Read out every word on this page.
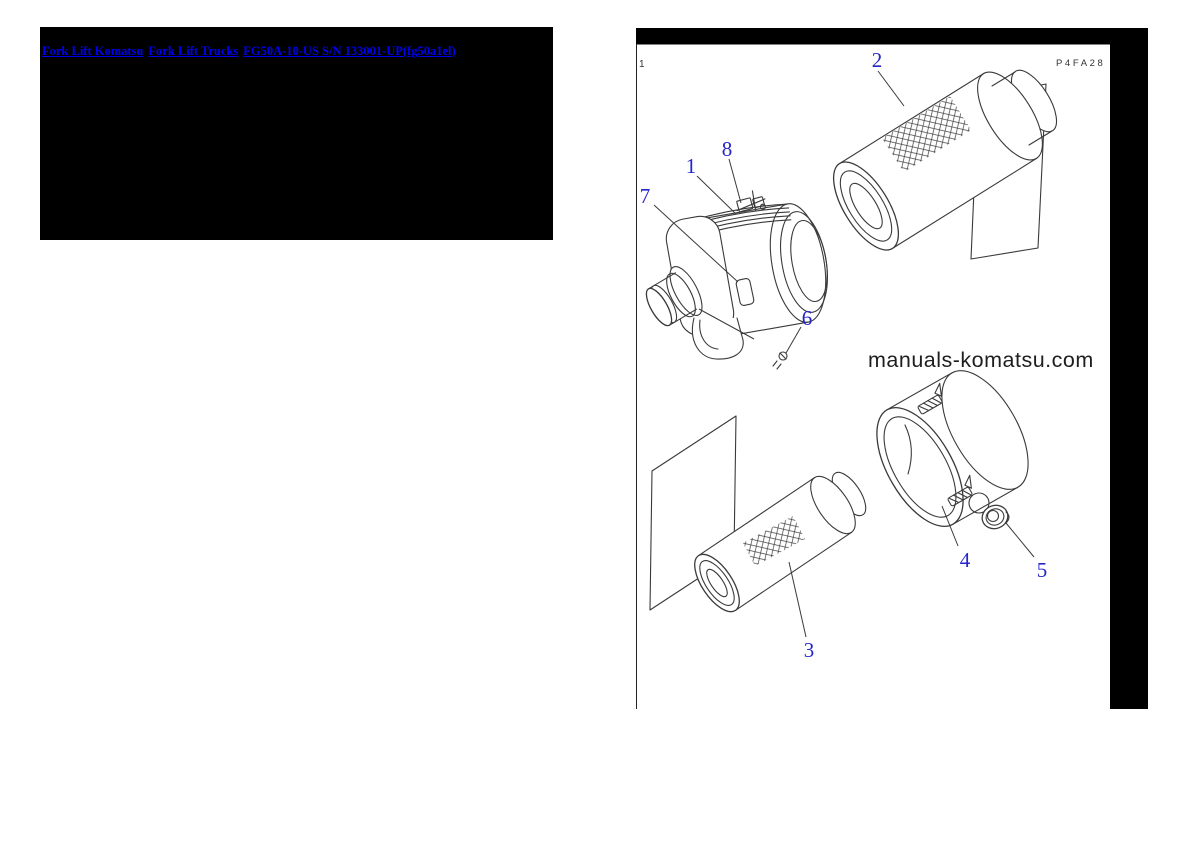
Fork Lift Komatsu Fork Lift Trucks FG50A-10-US S/N 133001-UP(fg50a1el)
1	P4FA28
1
2
3
4	5
6
7
8
manuals-komatsu.com
